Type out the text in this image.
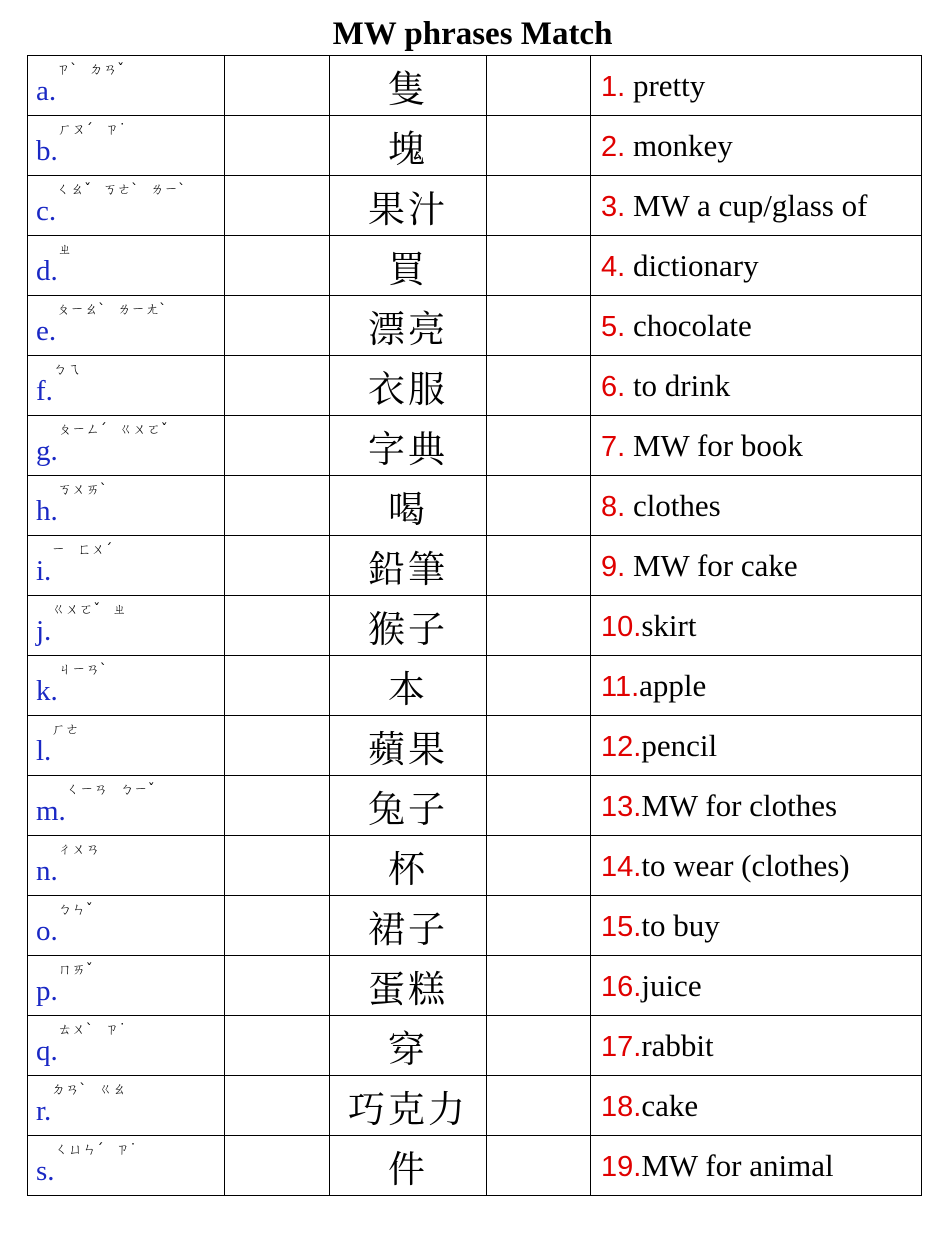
MW phrases Match
a.ㄗˋ ㄉㄢˇ		隻		1. pretty
b.ㄏㄡˊ ㄗ˙		塊		2. monkey
c.ㄑㄠˇ ㄎㄜˋ ㄌㄧˋ		果汁		3. MW a cup/glass of
d.ㄓ		買		4. dictionary
e.ㄆㄧㄠˋ ㄌㄧㄤˋ		漂亮		5. chocolate
f.ㄅㄟ		衣服		6. to drink
g.ㄆㄧㄥˊ ㄍㄨㄛˇ		字典		7. MW for book
h.ㄎㄨㄞˋ		喝		8. clothes
i.ㄧ ㄈㄨˊ		鉛筆		9. MW for cake
j.ㄍㄨㄛˇ ㄓ		猴子		10.skirt
k.ㄐㄧㄢˋ		本		11.apple
l.ㄏㄜ		蘋果		12.pencil
m.ㄑㄧㄢ ㄅㄧˇ		兔子		13.MW for clothes
n.ㄔㄨㄢ		杯		14.to wear (clothes)
o.ㄅㄣˇ		裙子		15.to buy
p.ㄇㄞˇ		蛋糕		16.juice
q.ㄊㄨˋ ㄗ˙		穿		17.rabbit
r.ㄉㄢˋ ㄍㄠ		巧克力		18.cake
s.ㄑㄩㄣˊ ㄗ˙		件		19.MW for animal
